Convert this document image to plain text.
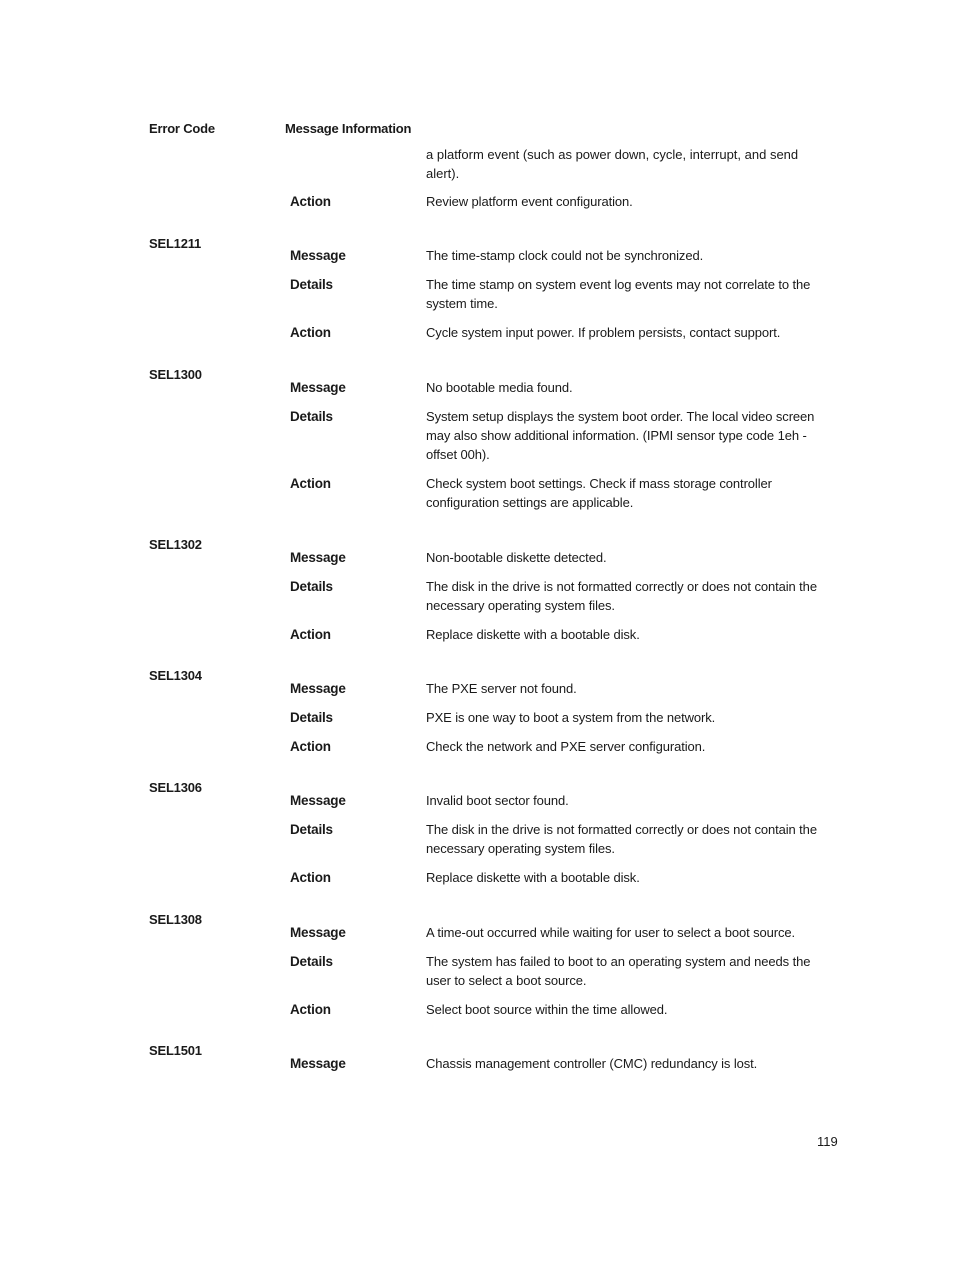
Error Code	Message Information
a platform event (such as power down, cycle, interrupt, and send alert).
Action	Review platform event configuration.
SEL1211
Message	The time-stamp clock could not be synchronized.
Details	The time stamp on system event log events may not correlate to the system time.
Action	Cycle system input power. If problem persists, contact support.
SEL1300
Message	No bootable media found.
Details	System setup displays the system boot order. The local video screen may also show additional information. (IPMI sensor type code 1eh - offset 00h).
Action	Check system boot settings. Check if mass storage controller configuration settings are applicable.
SEL1302
Message	Non-bootable diskette detected.
Details	The disk in the drive is not formatted correctly or does not contain the necessary operating system files.
Action	Replace diskette with a bootable disk.
SEL1304
Message	The PXE server not found.
Details	PXE is one way to boot a system from the network.
Action	Check the network and PXE server configuration.
SEL1306
Message	Invalid boot sector found.
Details	The disk in the drive is not formatted correctly or does not contain the necessary operating system files.
Action	Replace diskette with a bootable disk.
SEL1308
Message	A time-out occurred while waiting for user to select a boot source.
Details	The system has failed to boot to an operating system and needs the user to select a boot source.
Action	Select boot source within the time allowed.
SEL1501
Message	Chassis management controller (CMC) redundancy is lost.
119
